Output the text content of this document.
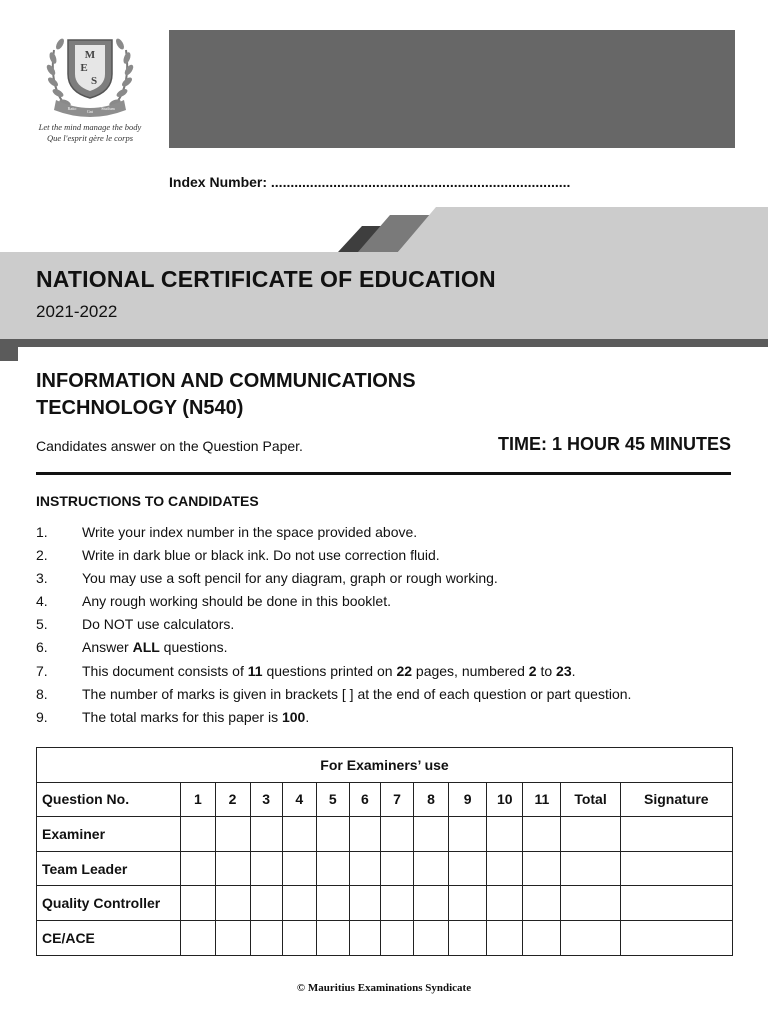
M
E
S
Ratio
Gnt
Studium
Let the mind manage the body
Que l'esprit gère le corps
Index Number: .............................................................................
NATIONAL CERTIFICATE OF EDUCATION
2021-2022
INFORMATION AND COMMUNICATIONS
TECHNOLOGY (N540)
Candidates answer on the Question Paper.	TIME: 1 HOUR 45 MINUTES
INSTRUCTIONS TO CANDIDATES
1.	Write your index number in the space provided above.
2.	Write in dark blue or black ink. Do not use correction fluid.
3.	You may use a soft pencil for any diagram, graph or rough working.
4.	Any rough working should be done in this booklet.
5.	Do NOT use calculators.
6.	Answer ALL questions.
7.	This document consists of 11 questions printed on 22 pages, numbered 2 to 23.
8.	The number of marks is given in brackets [ ] at the end of each question or part question.
9.	The total marks for this paper is 100.
For Examiners’ use													
Question No.	1	2	3	4	5	6	7	8	9	10	11	Total	Signature
Examiner													
Team Leader													
Quality Controller													
CE/ACE													
© Mauritius Examinations Syndicate
